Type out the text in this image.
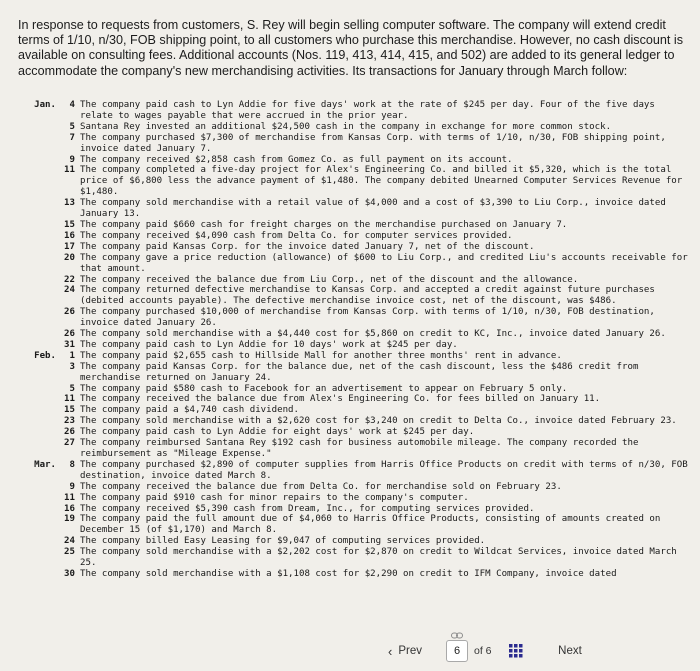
In response to requests from customers, S. Rey will begin selling computer software. The company will extend credit terms of 1/10, n/30, FOB shipping point, to all customers who purchase this merchandise. However, no cash discount is available on consulting fees. Additional accounts (Nos. 119, 413, 414, 415, and 502) are added to its general ledger to accommodate the company's new merchandising activities. Its transactions for January through March follow:
Jan.	4 The company paid cash to Lyn Addie for five days' work at the rate of $245 per day. Four of the five days relate to wages payable that were accrued in the prior year.
5 Santana Rey invested an additional $24,500 cash in the company in exchange for more common stock.
7 The company purchased $7,300 of merchandise from Kansas Corp. with terms of 1/10, n/30, FOB shipping point, invoice dated January 7.
9 The company received $2,858 cash from Gomez Co. as full payment on its account.
11 The company completed a five-day project for Alex's Engineering Co. and billed it $5,320, which is the total price of $6,800 less the advance payment of $1,480. The company debited Unearned Computer Services Revenue for $1,480.
13 The company sold merchandise with a retail value of $4,000 and a cost of $3,390 to Liu Corp., invoice dated January 13.
15 The company paid $660 cash for freight charges on the merchandise purchased on January 7.
16 The company received $4,090 cash from Delta Co. for computer services provided.
17 The company paid Kansas Corp. for the invoice dated January 7, net of the discount.
20 The company gave a price reduction (allowance) of $600 to Liu Corp., and credited Liu's accounts receivable for that amount.
22 The company received the balance due from Liu Corp., net of the discount and the allowance.
24 The company returned defective merchandise to Kansas Corp. and accepted a credit against future purchases (debited accounts payable). The defective merchandise invoice cost, net of the discount, was $486.
26 The company purchased $10,000 of merchandise from Kansas Corp. with terms of 1/10, n/30, FOB destination, invoice dated January 26.
26 The company sold merchandise with a $4,440 cost for $5,860 on credit to KC, Inc., invoice dated January 26.
31 The company paid cash to Lyn Addie for 10 days' work at $245 per day.
Feb.	1 The company paid $2,655 cash to Hillside Mall for another three months' rent in advance.
3 The company paid Kansas Corp. for the balance due, net of the cash discount, less the $486 credit from merchandise returned on January 24.
5 The company paid $580 cash to Facebook for an advertisement to appear on February 5 only.
11 The company received the balance due from Alex's Engineering Co. for fees billed on January 11.
15 The company paid a $4,740 cash dividend.
23 The company sold merchandise with a $2,620 cost for $3,240 on credit to Delta Co., invoice dated February 23.
26 The company paid cash to Lyn Addie for eight days' work at $245 per day.
27 The company reimbursed Santana Rey $192 cash for business automobile mileage. The company recorded the reimbursement as "Mileage Expense."
Mar.	8 The company purchased $2,890 of computer supplies from Harris Office Products on credit with terms of n/30, FOB destination, invoice dated March 8.
9 The company received the balance due from Delta Co. for merchandise sold on February 23.
11 The company paid $910 cash for minor repairs to the company's computer.
16 The company received $5,390 cash from Dream, Inc., for computing services provided.
19 The company paid the full amount due of $4,060 to Harris Office Products, consisting of amounts created on December 15 (of $1,170) and March 8.
24 The company billed Easy Leasing for $9,047 of computing services provided.
25 The company sold merchandise with a $2,202 cost for $2,870 on credit to Wildcat Services, invoice dated March 25.
30 The company sold merchandise with a $1,108 cost for $2,290 on credit to IFM Company, invoice dated
‹ Prev	6	of 6	Next
